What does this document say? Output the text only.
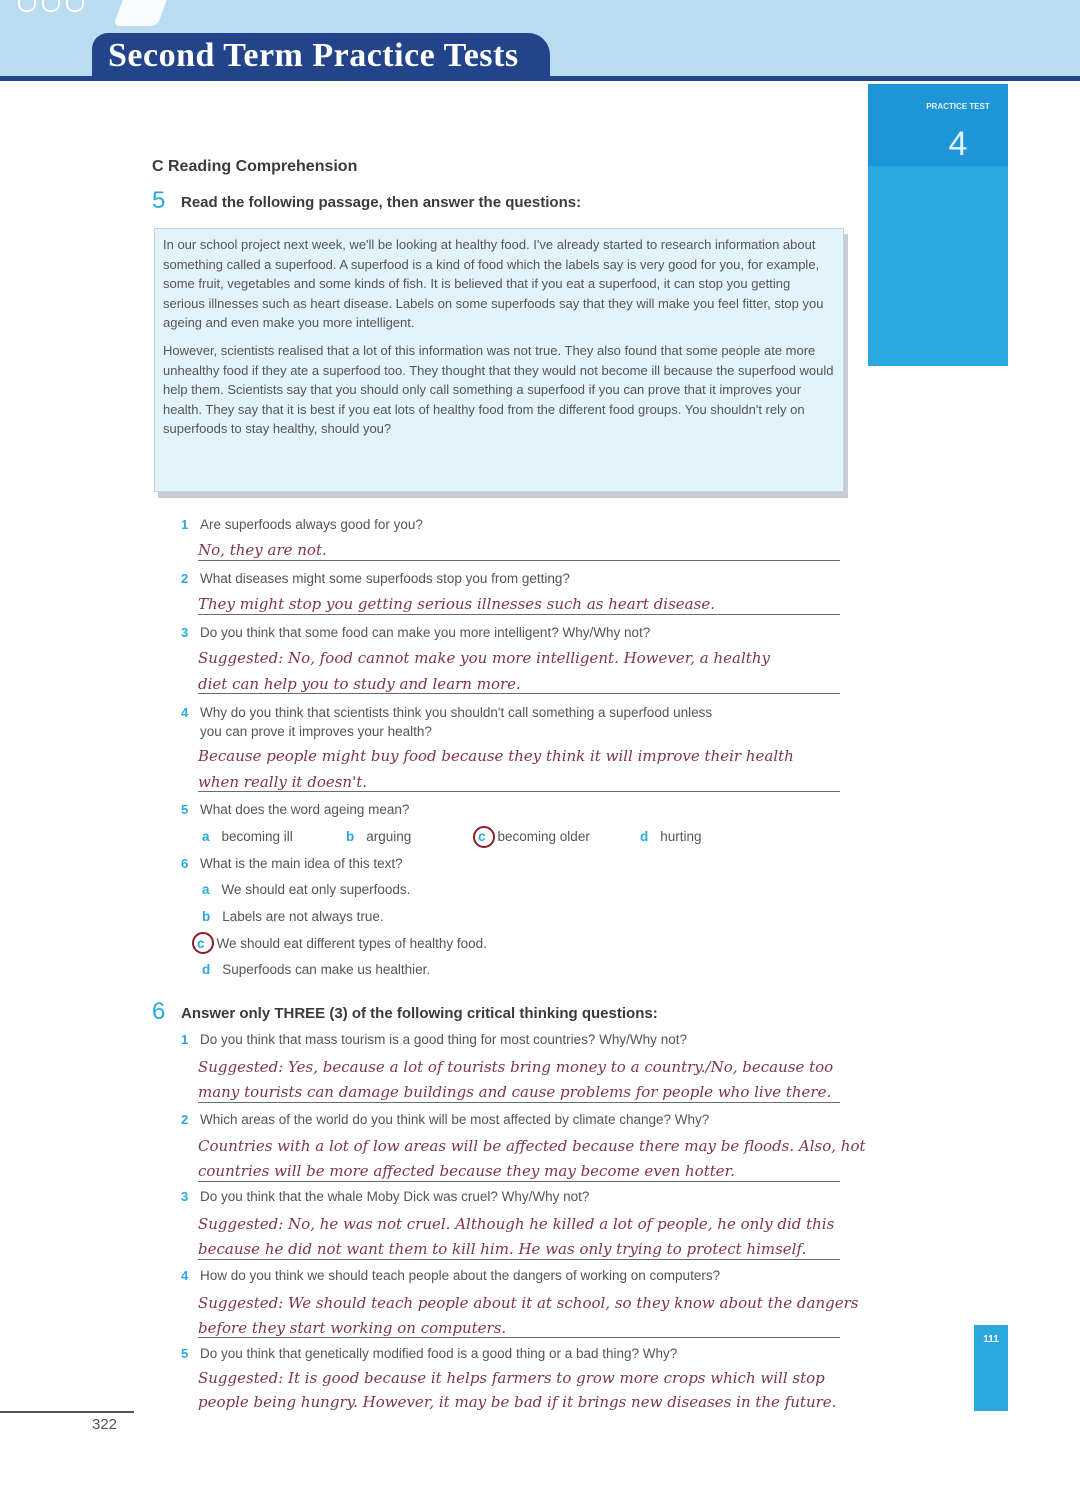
Second Term Practice Tests
PRACTICE TEST
4
C Reading Comprehension
5 Read the following passage, then answer the questions:

In our school project next week, we'll be looking at healthy food. I've already started to research information about something called a superfood. A superfood is a kind of food which the labels say is very good for you, for example, some fruit, vegetables and some kinds of fish. It is believed that if you eat a superfood, it can stop you getting serious illnesses such as heart disease. Labels on some superfoods say that they will make you feel fitter, stop you ageing and even make you more intelligent.

However, scientists realised that a lot of this information was not true. They also found that some people ate more unhealthy food if they ate a superfood too. They thought that they would not become ill because the superfood would help them. Scientists say that you should only call something a superfood if you can prove that it improves your health. They say that it is best if you eat lots of healthy food from the different food groups. You shouldn't rely on superfoods to stay healthy, should you?

1 Are superfoods always good for you?
No, they are not.
2 What diseases might some superfoods stop you from getting?
They might stop you getting serious illnesses such as heart disease.
3 Do you think that some food can make you more intelligent? Why/Why not?
Suggested: No, food cannot make you more intelligent. However, a healthy
diet can help you to study and learn more.
4 Why do you think that scientists think you shouldn't call something a superfood unless
you can prove it improves your health?
Because people might buy food because they think it will improve their health
when really it doesn't.
5 What does the word ageing mean?
a becoming ill	b arguing	c becoming older	d hurting
6 What is the main idea of this text?
a We should eat only superfoods.
b Labels are not always true.
c We should eat different types of healthy food.
d Superfoods can make us healthier.
6 Answer only THREE (3) of the following critical thinking questions:
1 Do you think that mass tourism is a good thing for most countries? Why/Why not?
Suggested: Yes, because a lot of tourists bring money to a country./No, because too
many tourists can damage buildings and cause problems for people who live there.
2 Which areas of the world do you think will be most affected by climate change? Why?
Countries with a lot of low areas will be affected because there may be floods. Also, hot
countries will be more affected because they may become even hotter.
3 Do you think that the whale Moby Dick was cruel? Why/Why not?
Suggested: No, he was not cruel. Although he killed a lot of people, he only did this
because he did not want them to kill him. He was only trying to protect himself.
4 How do you think we should teach people about the dangers of working on computers?
Suggested: We should teach people about it at school, so they know about the dangers
before they start working on computers.
5 Do you think that genetically modified food is a good thing or a bad thing? Why?
Suggested: It is good because it helps farmers to grow more crops which will stop
people being hungry. However, it may be bad if it brings new diseases in the future.
111
322
